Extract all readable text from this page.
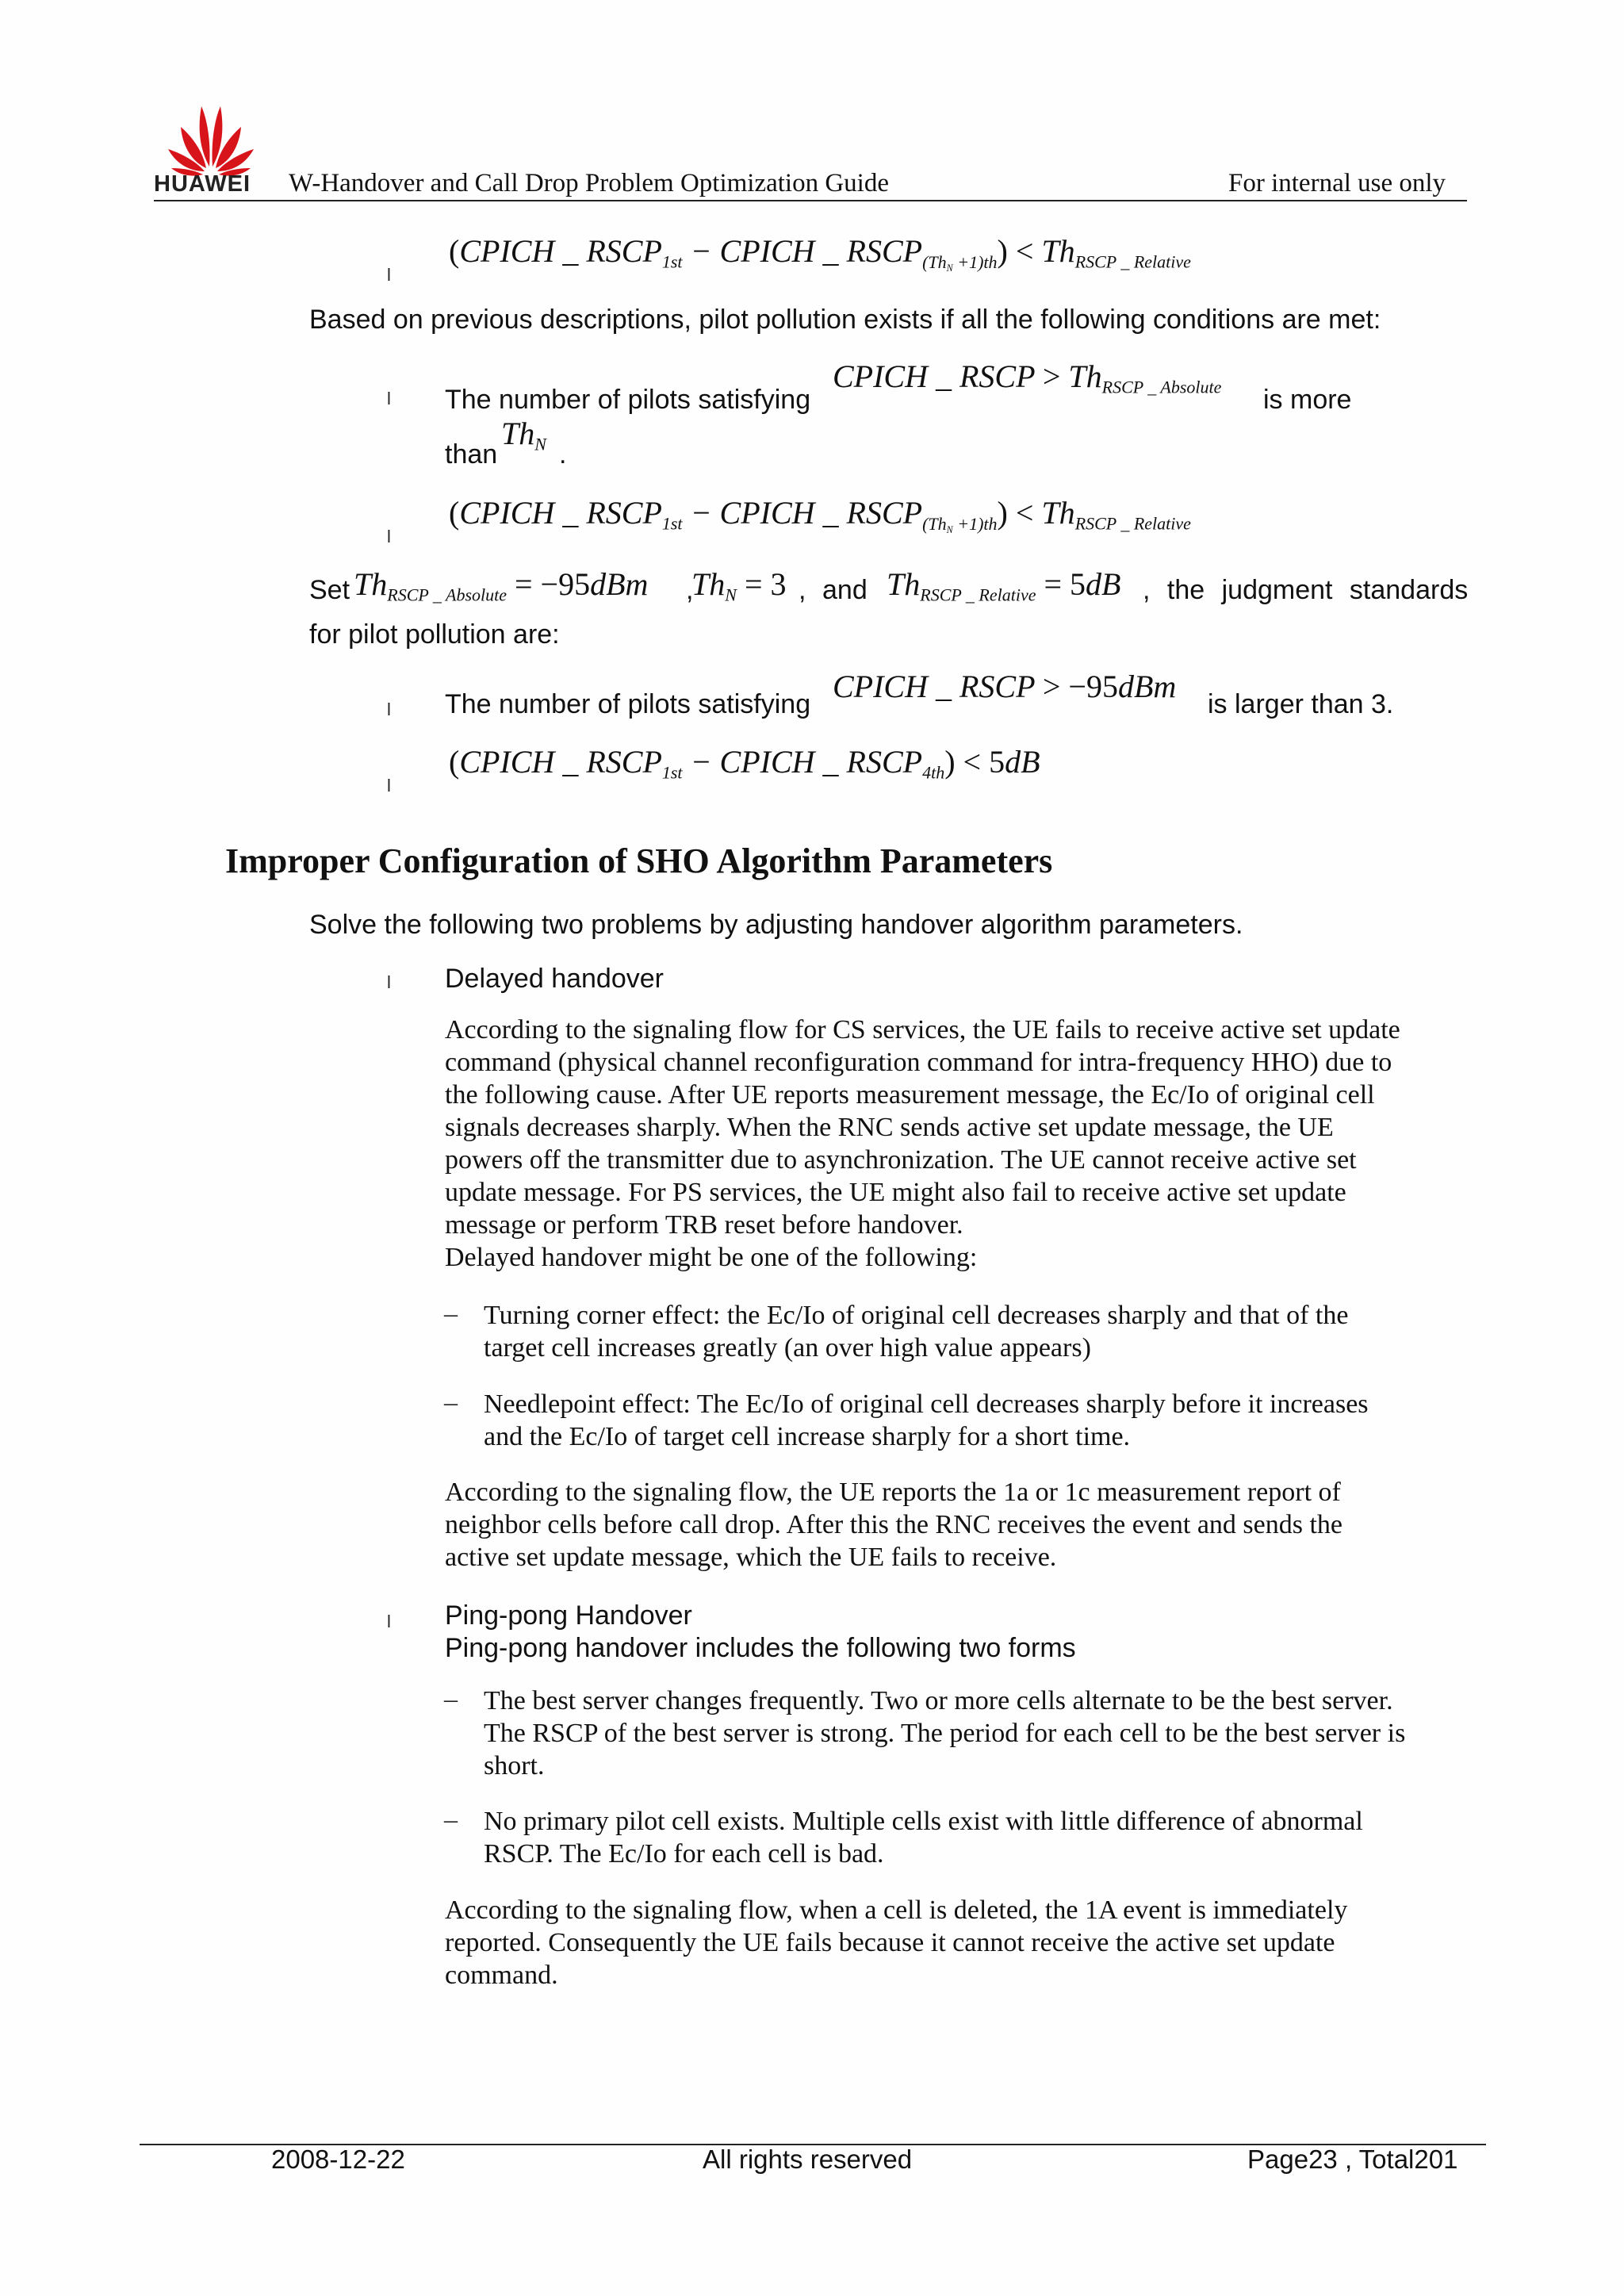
HUAWEI W-Handover and Call Drop Problem Optimization Guide	For internal use only
l
(CPICH _ $RSCP_{1st}$ − CPICH _ $RSCP_{(Th_N +1)th}) < Th_{RSCP \_ Relative}$
Based on previous descriptions, pilot pollution exists if all the following conditions are met:
l The number of pilots satisfying
CPICH _ RSCP > $Th_{RSCP \_ Absolute}$ is more
than
$Th_N$ .
l
(CPICH _ $RSCP_{1st}$ − CPICH _ $RSCP_{(Th_N +1)th}) < Th_{RSCP \_ Relative}$
Set $Th_{RSCP \_ Absolute} = -95dBm$ ,
$Th_N = 3$ , and $Th_{RSCP \_ Relative} = 5dB$ , the judgment standards
for pilot pollution are:
l The number of pilots satisfying CPICH _ RSCP > −95dBm is larger than 3.
l
(CPICH _ $RSCP_{1st}$ − CPICH _ $RSCP_{4th}) < 5dB$
Improper Configuration of SHO Algorithm Parameters
Solve the following two problems by adjusting handover algorithm parameters.
l Delayed handover
According to the signaling flow for CS services, the UE fails to receive active set update
command (physical channel reconfiguration command for intra-frequency HHO) due to
the following cause. After UE reports measurement message, the Ec/Io of original cell
signals decreases sharply. When the RNC sends active set update message, the UE
powers off the transmitter due to asynchronization. The UE cannot receive active set
update message. For PS services, the UE might also fail to receive active set update
message or perform TRB reset before handover.
Delayed handover might be one of the following:
– Turning corner effect: the Ec/Io of original cell decreases sharply and that of the
target cell increases greatly (an over high value appears)
– Needlepoint effect: The Ec/Io of original cell decreases sharply before it increases
and the Ec/Io of target cell increase sharply for a short time.
According to the signaling flow, the UE reports the 1a or 1c measurement report of
neighbor cells before call drop. After this the RNC receives the event and sends the
active set update message, which the UE fails to receive.
l Ping-pong Handover
Ping-pong handover includes the following two forms
– The best server changes frequently. Two or more cells alternate to be the best server.
The RSCP of the best server is strong. The period for each cell to be the best server is
short.
– No primary pilot cell exists. Multiple cells exist with little difference of abnormal
RSCP. The Ec/Io for each cell is bad.
According to the signaling flow, when a cell is deleted, the 1A event is immediately
reported. Consequently the UE fails because it cannot receive the active set update
command.
2008-12-22	All rights reserved	Page23 , Total201
